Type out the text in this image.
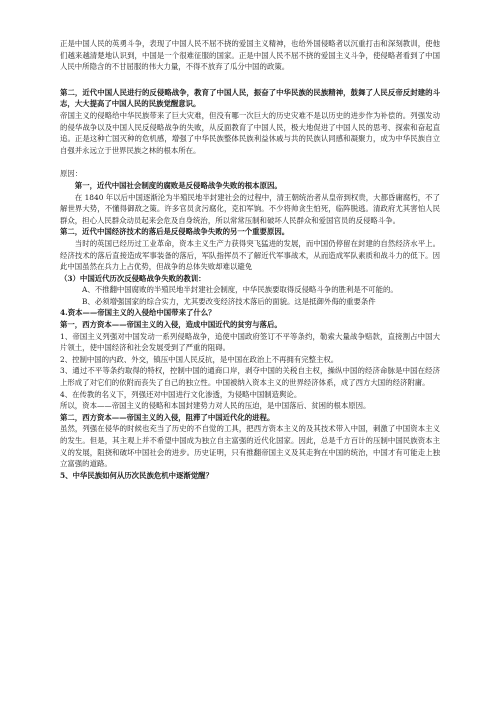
正是中国人民的英勇斗争，表现了中国人民不屈不挠的爱国主义精神，也给外国侵略者以沉重打击和深刻教训，使他们越来越清楚地认识到，中国是一个很难征服的国家。正是中国人民不屈不挠的爱国主义斗争，使侵略者看到了中国人民中所隐含的不甘屈服的伟大力量，不得不放弃了瓜分中国的政策。

第二，近代中国人民进行的反侵略战争，教育了中国人民，振奋了中华民族的民族精神，鼓舞了人民反帝反封建的斗志，大大提高了中国人民的民族觉醒意识。

帝国主义的侵略给中华民族带来了巨大灾难，但没有哪一次巨大的历史灾难不是以历史的进步作为补偿的。列强发动的侵华战争以及中国人民反侵略战争的失败，从反面教育了中国人民，极大地促进了中国人民的思考、探索和奋起直追。正是这种亡国灭种的危机感，增强了中华民族整体民族利益休戚与共的民族认同感和凝聚力，成为中华民族自立自强并永远立于世界民族之林的根本所在。

原因：

第一，近代中国社会制度的腐败是反侵略战争失败的根本原因。

在 1840 年以后中国逐渐沦为半殖民地半封建社会的过程中，清王朝统治者从皇帝到权贵，大都昏庸腐朽，不了解世界大势，不懂得御敌之策。许多官员贪污腐化，克扣军饷。不少将帅贪生怕死，临阵脱逃。清政府尤其害怕人民群众，担心人民群众动员起来会危及自身统治，所以常常压制和破坏人民群众和爱国官员的反侵略斗争。

第二，近代中国经济技术的落后是反侵略战争失败的另一个重要原因。

当时的英国已经历过工业革命，资本主义生产力获得突飞猛进的发展，而中国仍停留在封建的自然经济水平上。经济技术的落后直接造成军事装备的落后，军队指挥员不了解近代军事战术，从而造成军队素质和战斗力的低下。因此中国虽然在兵力上占优势，但战争的总体失败却难以避免

（3）中国近代历次反侵略战争失败的教训：

A、不推翻中国腐败的半殖民地半封建社会制度，中华民族要取得反侵略斗争的胜利是不可能的。

B、必须增强国家的综合实力，尤其要改变经济技术落后的面貌。这是抵御外侮的重要条件

4.资本——帝国主义的入侵给中国带来了什么？

第一，西方资本——帝国主义的入侵，造成中国近代的贫穷与落后。

1、帝国主义列强对中国发动一系列侵略战争，追使中国政府签订不平等条约，勒索大量战争赔款，直接割占中国大片领土，使中国经济和社会发展受到了严重的阻碍。

2、控制中国的内政、外交，镇压中国人民反抗，是中国在政治上不再拥有完整主权。

3、通过不平等条约取得的特权，控制中国的通商口岸，剥夺中国的关税自主权，操纵中国的经济命脉是中国在经济上形成了对它们的依附而丧失了自己的独立性。中国被纳入资本主义的世界经济体系，成了西方大国的经济附庸。

4、在传教的名义下，列强还对中国进行文化渗透，为侵略中国制造舆论。

所以，资本——帝国主义的侵略和本国封建势力对人民的压迫，是中国落后、贫困的根本原因。

第二，西方资本——帝国主义的入侵，阻滞了中国近代化的进程。

虽然，列强在侵华的时候也充当了历史的不自觉的工具，把西方资本主义的及其技术带入中国，刺激了中国资本主义的发生。但是，其主观上并不希望中国成为独立自主富强的近代化国家。因此，总是千方百计的压制中国民族资本主义的发展，阻挠和破坏中国社会的进步。历史证明，只有推翻帝国主义及其走狗在中国的统治，中国才有可能走上独立富强的道路。

5、中华民族如何从历次民族危机中逐渐觉醒？
